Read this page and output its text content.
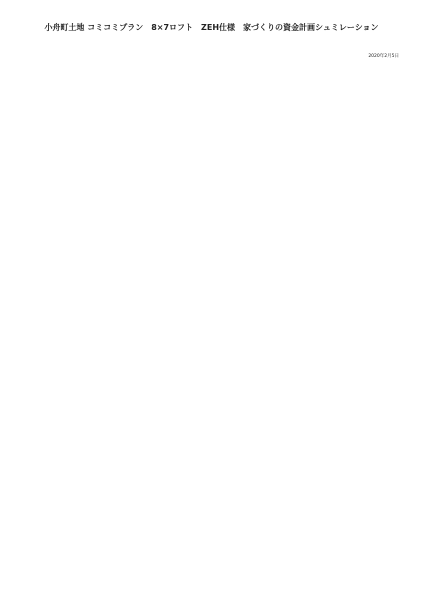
小舟町土地 コミコミプラン　8×7ロフト　ZEH仕様　家づくりの資金計画シュミレーション
2020年2月5日
